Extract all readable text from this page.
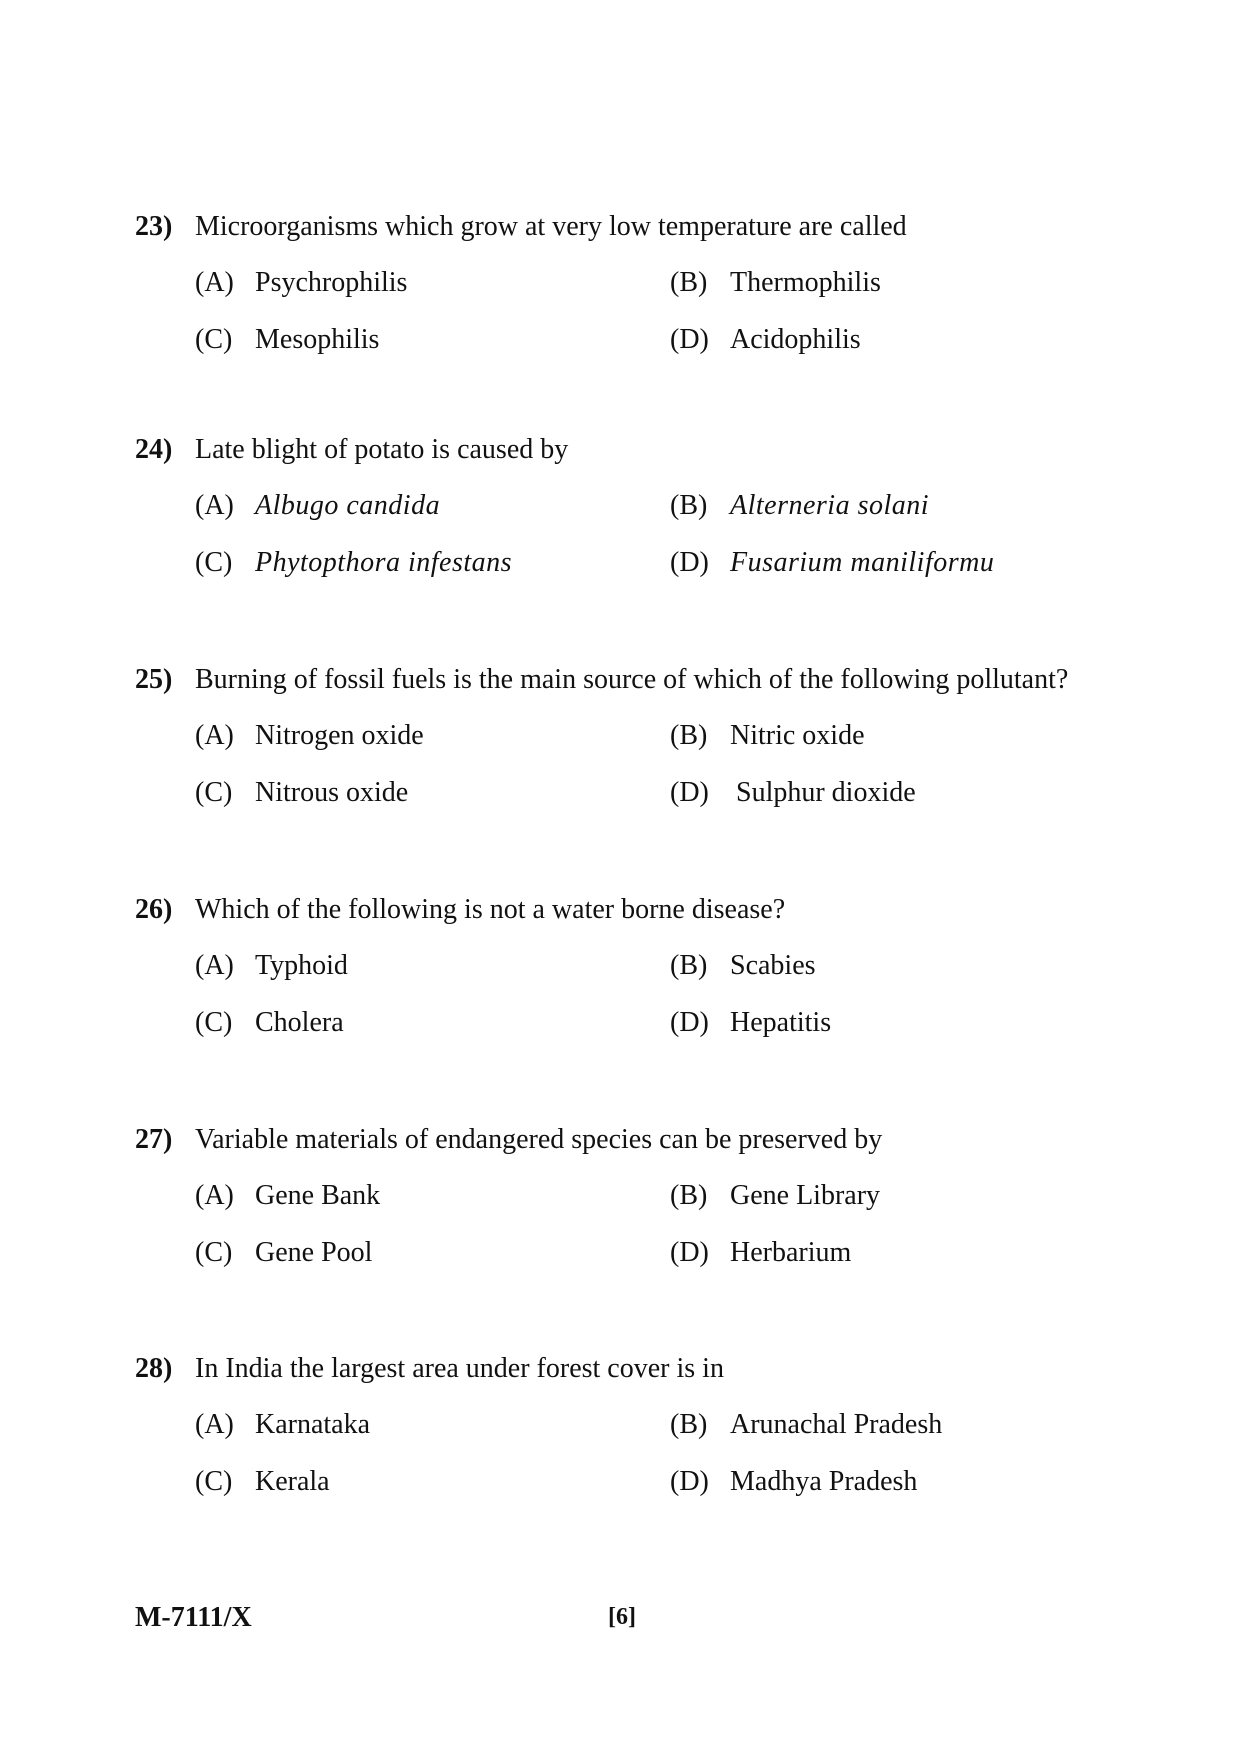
23) Microorganisms which grow at very low temperature are called
(A) Psychrophilis	(B) Thermophilis
(C) Mesophilis	(D) Acidophilis
24) Late blight of potato is caused by
(A) Albugo candida	(B) Alterneria solani
(C) Phytopthora infestans	(D) Fusarium maniliformu
25) Burning of fossil fuels is the main source of which of the following pollutant?
(A) Nitrogen oxide	(B) Nitric oxide
(C) Nitrous oxide	(D) Sulphur dioxide
26) Which of the following is not a water borne disease?
(A) Typhoid	(B) Scabies
(C) Cholera	(D) Hepatitis
27) Variable materials of endangered species can be preserved by
(A) Gene Bank	(B) Gene Library
(C) Gene Pool	(D) Herbarium
28) In India the largest area under forest cover is in
(A) Karnataka	(B) Arunachal Pradesh
(C) Kerala	(D) Madhya Pradesh
M-7111/X	[6]
